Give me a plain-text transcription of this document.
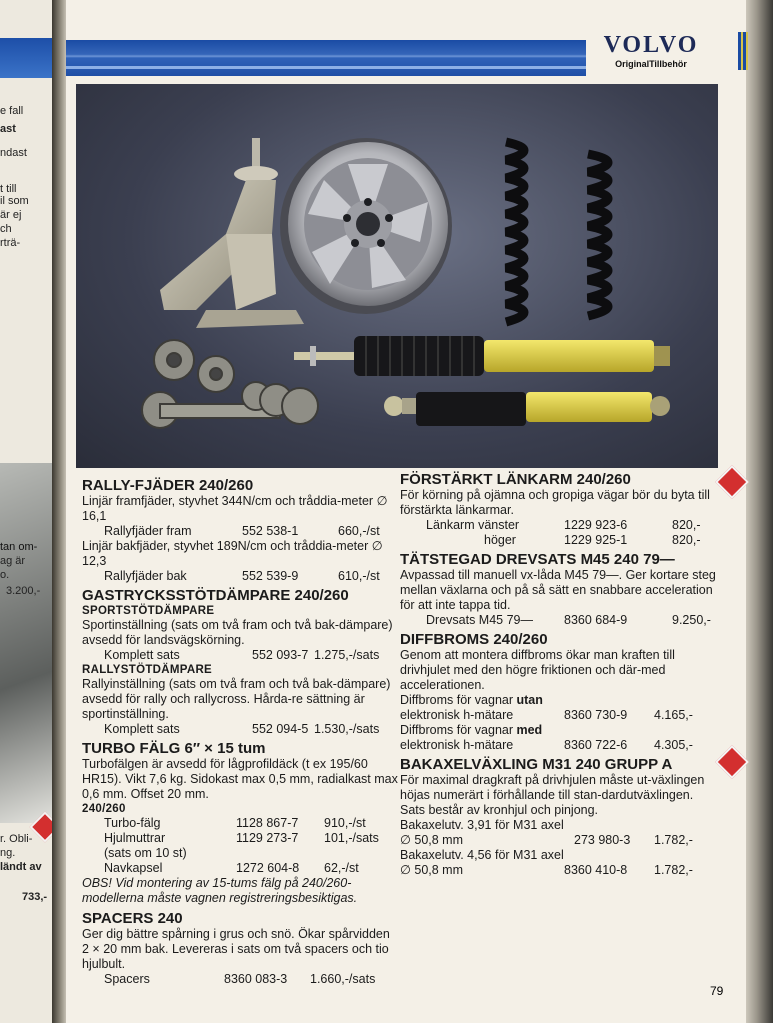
e fall
ast
ndast
t till
il som
är ej
ch
rträ-
tan om-
ag är
o.
3.200,-
r. Obli-
ng.
ländt av
733,-
VOLVO
OriginalTillbehör
RALLY-FJÄDER 240/260
Linjär framfjäder, styvhet 344N/cm och tråddia-meter ∅ 16,1
Rallyfjäder fram	552 538-1	660,-/st
Linjär bakfjäder, styvhet 189N/cm och tråddia-meter ∅ 12,3
Rallyfjäder bak	552 539-9	610,-/st
GASTRYCKSSTÖTDÄMPARE 240/260
SPORTSTÖTDÄMPARE
Sportinställning (sats om två fram och två bak-dämpare) avsedd för landsvägskörning.
Komplett sats	552 093-7 1.275,-/sats
RALLYSTÖTDÄMPARE
Rallyinställning (sats om två fram och två bak-dämpare) avsedd för rally och rallycross. Hårda-re sättning är sportinställning.
Komplett sats	552 094-5 1.530,-/sats
TURBO FÄLG 6″ × 15 tum
Turbofälgen är avsedd för lågprofildäck (t ex 195/60 HR15). Vikt 7,6 kg. Sidokast max 0,5 mm, radialkast max 0,6 mm. Offset 20 mm.
240/260
Turbo-fälg	1128 867-7	910,-/st
Hjulmuttrar	1129 273-7	101,-/sats
(sats om 10 st)
Navkapsel	1272 604-8	62,-/st
OBS! Vid montering av 15-tums fälg på 240/260-modellerna måste vagnen registreringsbesiktigas.
SPACERS 240
Ger dig bättre spårning i grus och snö. Ökar spårvidden 2 × 20 mm bak. Levereras i sats om två spacers och tio hjulbult.
Spacers	8360 083-3	1.660,-/sats
FÖRSTÄRKT LÄNKARM 240/260
För körning på ojämna och gropiga vägar bör du byta till förstärkta länkarmar.
Länkarm vänster	1229 923-6	820,-
höger	1229 925-1	820,-
TÄTSTEGAD DREVSATS M45 240 79—
Avpassad till manuell vx-låda M45 79—. Ger kortare steg mellan växlarna och på så sätt en snabbare acceleration för att inte tappa tid.
Drevsats M45 79—	8360 684-9	9.250,-
DIFFBROMS 240/260
Genom att montera diffbroms ökar man kraften till drivhjulet med den högre friktionen och där-med accelerationen.
Diffbroms för vagnar utan
elektronisk h-mätare	8360 730-9	4.165,-
Diffbroms för vagnar med
elektronisk h-mätare	8360 722-6	4.305,-
BAKAXELVÄXLING M31 240 GRUPP A
För maximal dragkraft på drivhjulen måste ut-växlingen höjas numerärt i förhållande till stan-dardutväxlingen.
Sats består av kronhjul och pinjong.
Bakaxelutv. 3,91 för M31 axel
∅ 50,8 mm	273 980-3	1.782,-
Bakaxelutv. 4,56 för M31 axel
∅ 50,8 mm	8360 410-8	1.782,-
79
